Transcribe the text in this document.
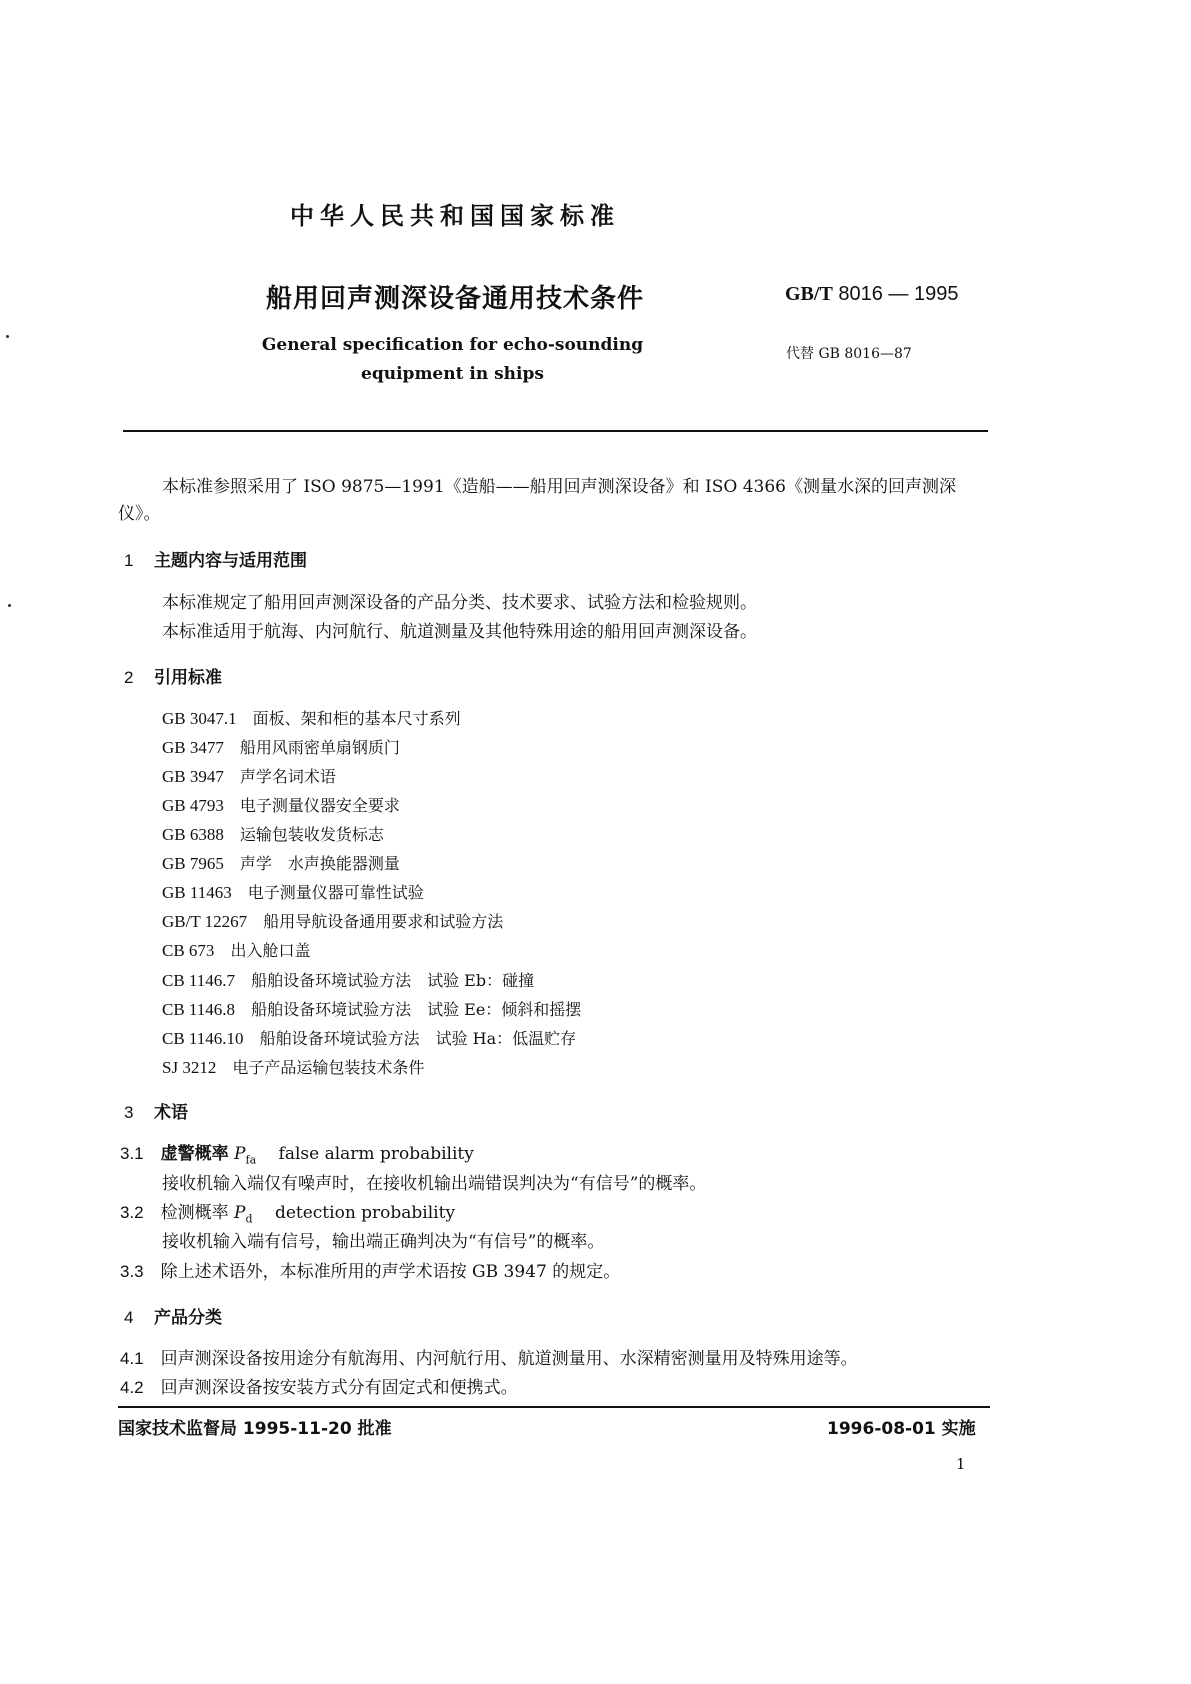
中华人民共和国国家标准
船用回声测深设备通用技术条件	GB/T 8016 — 1995
General specification for echo-sounding
equipment in ships
代替 GB 8016—87
本标准参照采用了 ISO 9875—1991《造船——船用回声测深设备》和 ISO 4366《测量水深的回声测深仪》。
1 主题内容与适用范围
本标准规定了船用回声测深设备的产品分类、技术要求、试验方法和检验规则。
本标准适用于航海、内河航行、航道测量及其他特殊用途的船用回声测深设备。
2 引用标准
GB 3047.1　 面板、架和柜的基本尺寸系列
GB 3477　 船用风雨密单扇钢质门
GB 3947　 声学名词术语
GB 4793　 电子测量仪器安全要求
GB 6388　 运输包装收发货标志
GB 7965　 声学　水声换能器测量
GB 11463　 电子测量仪器可靠性试验
GB/T 12267　 船用导航设备通用要求和试验方法
CB 673　 出入舱口盖
CB 1146.7　 船舶设备环境试验方法　试验 Eb：碰撞
CB 1146.8　 船舶设备环境试验方法　试验 Ee：倾斜和摇摆
CB 1146.10　 船舶设备环境试验方法　试验 Ha：低温贮存
SJ 3212　 电子产品运输包装技术条件
3 术语
3.1　 虚警概率 $P_{fa}$　 false alarm probability
接收机输入端仅有噪声时，在接收机输出端错误判决为“有信号”的概率。
3.2　 检测概率 $P_d$　 detection probability
接收机输入端有信号，输出端正确判决为“有信号”的概率。
3.3　 除上述术语外，本标准所用的声学术语按 GB 3947 的规定。
4 产品分类
4.1　 回声测深设备按用途分有航海用、内河航行用、航道测量用、水深精密测量用及特殊用途等。
4.2　 回声测深设备按安装方式分有固定式和便携式。
国家技术监督局 1995-11-20 批准	1996-08-01 实施
1
